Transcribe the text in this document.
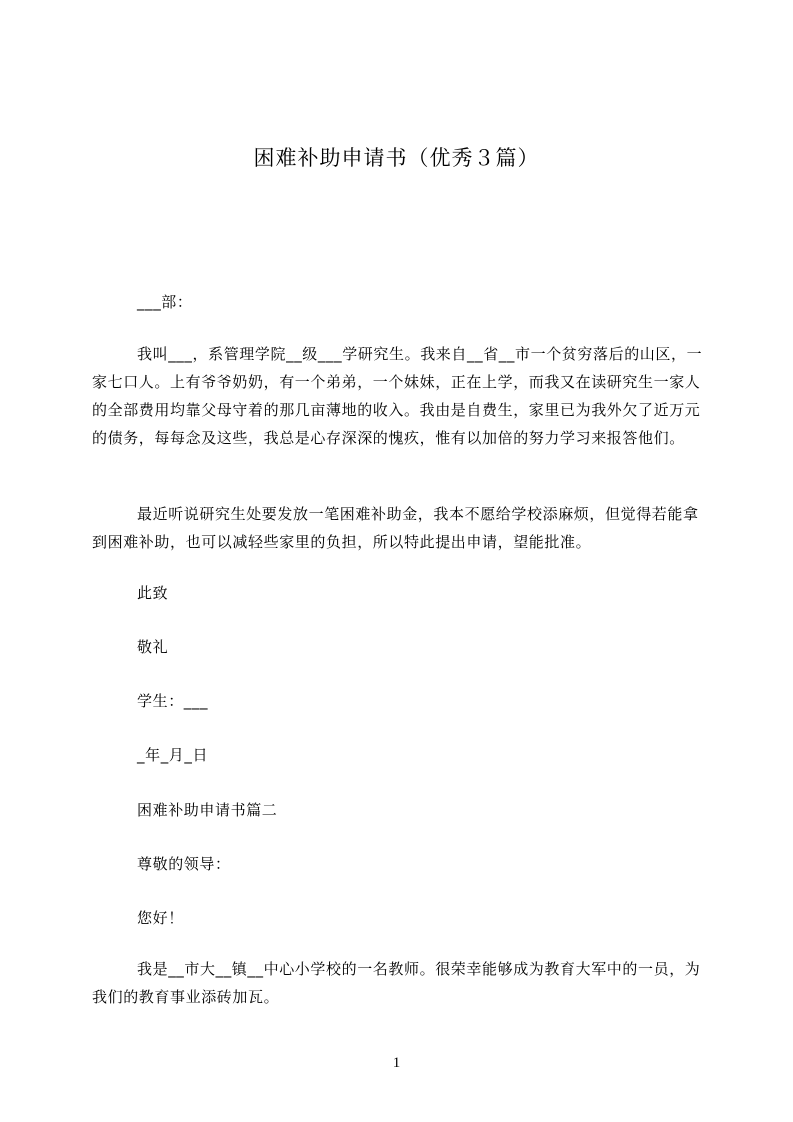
困难补助申请书（优秀３篇）

___部：

我叫___，系管理学院__级___学研究生。我来自__省__市一个贫穷落后的山区，一家七口人。上有爷爷奶奶，有一个弟弟，一个妹妹，正在上学，而我又在读研究生一家人的全部费用均靠父母守着的那几亩薄地的收入。我由是自费生，家里已为我外欠了近万元的债务，每每念及这些，我总是心存深深的愧疚，惟有以加倍的努力学习来报答他们。

最近听说研究生处要发放一笔困难补助金，我本不愿给学校添麻烦，但觉得若能拿到困难补助，也可以减轻些家里的负担，所以特此提出申请，望能批准。

此致

敬礼

学生：___

_年_月_日

困难补助申请书篇二

尊敬的领导：

您好！

我是__市大__镇__中心小学校的一名教师。很荣幸能够成为教育大军中的一员，为我们的教育事业添砖加瓦。

1
